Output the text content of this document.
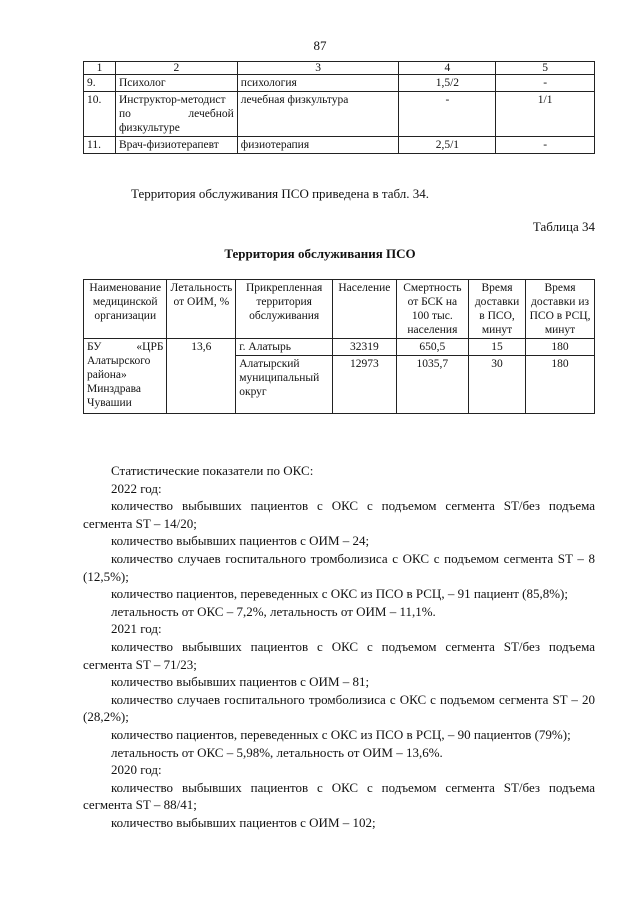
87
1	2	3	4	5
9.	Психолог	психология	1,5/2	-
10.	Инструктор-методист по лечебной физкультуре	лечебная физкультура	-	1/1
11.	Врач-физиотерапевт	физиотерапия	2,5/1	-
Территория обслуживания ПСО приведена в табл. 34.
Таблица 34
Территория обслуживания ПСО
Наименование медицинской организации	Летальность от ОИМ, %	Прикрепленная территория обслуживания	Население	Смертность от БСК на 100 тыс. населения	Время доставки в ПСО, минут	Время доставки из ПСО в РСЦ, минут
БУ «ЦРБ Алатырского района» Минздрава Чувашии	13,6	г. Алатырь	32319	650,5	15	180
		Алатырский муниципальный округ	12973	1035,7	30	180

Статистические показатели по ОКС:

2022 год:

количество выбывших пациентов с ОКС с подъемом сегмента ST/без подъема сегмента ST – 14/20;

количество выбывших пациентов с ОИМ – 24;

количество случаев госпитального тромболизиса с ОКС с подъемом сегмента ST – 8 (12,5%);

количество пациентов, переведенных с ОКС из ПСО в РСЦ, – 91 пациент (85,8%);

летальность от ОКС – 7,2%, летальность от ОИМ – 11,1%.

2021 год:

количество выбывших пациентов с ОКС с подъемом сегмента ST/без подъема сегмента ST – 71/23;

количество выбывших пациентов с ОИМ – 81;

количество случаев госпитального тромболизиса с ОКС с подъемом сегмента ST – 20 (28,2%);

количество пациентов, переведенных с ОКС из ПСО в РСЦ, – 90 пациентов (79%);

летальность от ОКС – 5,98%, летальность от ОИМ – 13,6%.

2020 год:

количество выбывших пациентов с ОКС с подъемом сегмента ST/без подъема сегмента ST – 88/41;

количество выбывших пациентов с ОИМ – 102;
